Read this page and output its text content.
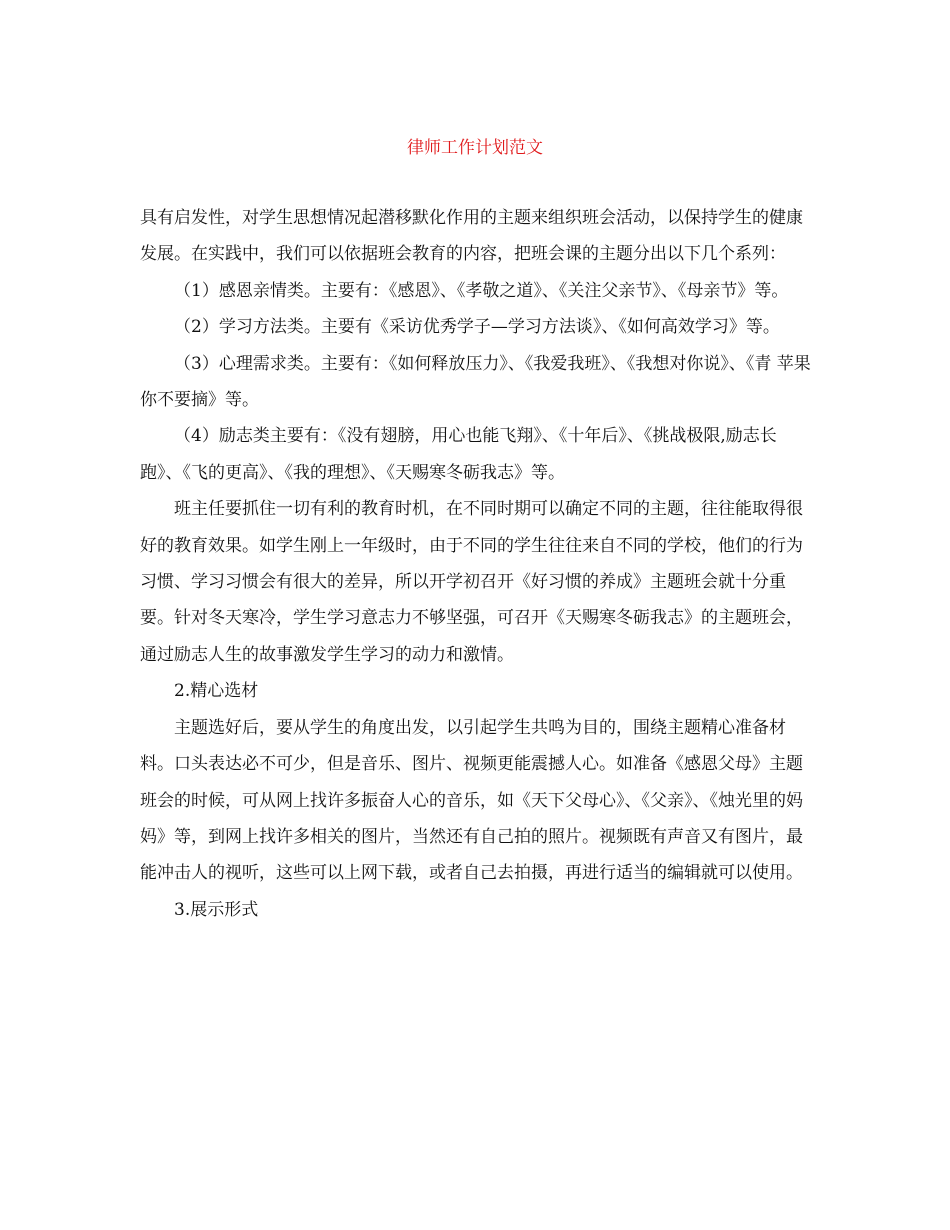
律师工作计划范文

具有启发性，对学生思想情况起潜移默化作用的主题来组织班会活动，以保持学生的健康发展。在实践中，我们可以依据班会教育的内容，把班会课的主题分出以下几个系列：

（1）感恩亲情类。主要有：《感恩》、《孝敬之道》、《关注父亲节》、《母亲节》等。

（2）学习方法类。主要有《采访优秀学子—学习方法谈》、《如何高效学习》等。

（3）心理需求类。主要有：《如何释放压力》、《我爱我班》、《我想对你说》、《青 苹果你不要摘》等。

（4）励志类主要有：《没有翅膀，用心也能飞翔》、《十年后》、《挑战极限,励志长跑》、《飞的更高》、《我的理想》、《天赐寒冬砺我志》等。

班主任要抓住一切有利的教育时机，在不同时期可以确定不同的主题，往往能取得很好的教育效果。如学生刚上一年级时，由于不同的学生往往来自不同的学校，他们的行为习惯、学习习惯会有很大的差异，所以开学初召开《好习惯的养成》主题班会就十分重要。针对冬天寒冷，学生学习意志力不够坚强，可召开《天赐寒冬砺我志》的主题班会，通过励志人生的故事激发学生学习的动力和激情。

2.精心选材

主题选好后，要从学生的角度出发，以引起学生共鸣为目的，围绕主题精心准备材料。口头表达必不可少，但是音乐、图片、视频更能震撼人心。如准备《感恩父母》主题班会的时候，可从网上找许多振奋人心的音乐，如《天下父母心》、《父亲》、《烛光里的妈妈》等，到网上找许多相关的图片，当然还有自己拍的照片。视频既有声音又有图片，最能冲击人的视听，这些可以上网下载，或者自己去拍摄，再进行适当的编辑就可以使用。

3.展示形式
